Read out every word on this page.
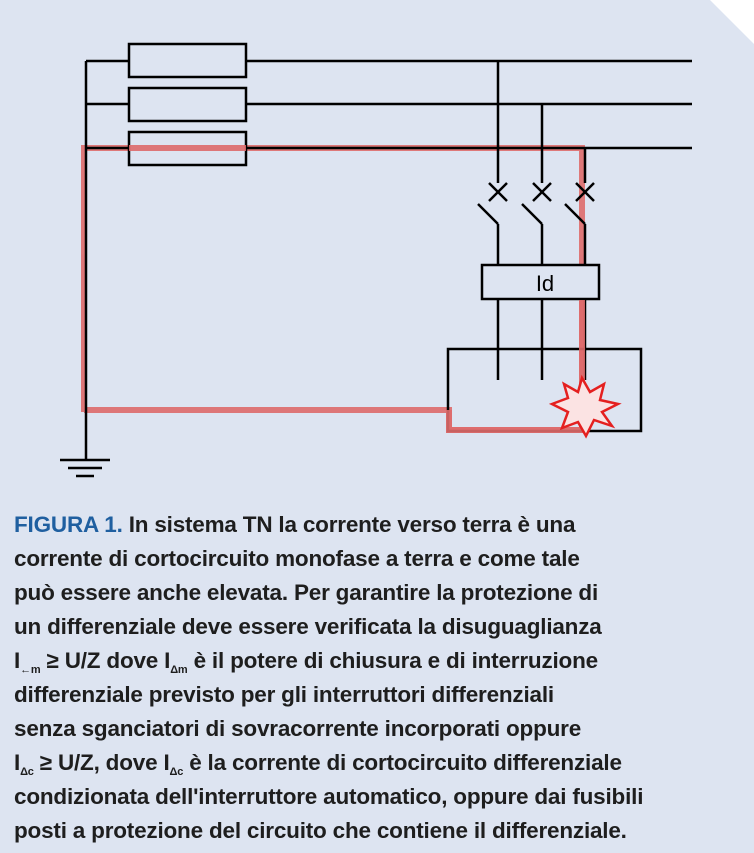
Id
FIGURA 1. In sistema TN la corrente verso terra è una
corrente di cortocircuito monofase a terra e come tale
può essere anche elevata. Per garantire la protezione di
un differenziale deve essere verificata la disuguaglianza
$I_{\leftarrow m} \ge U/Z$ dove $I_{\Delta m}$ è il potere di chiusura e di interruzione
differenziale previsto per gli interruttori differenziali
senza sganciatori di sovracorrente incorporati oppure
$I_{\Delta c} \ge U/Z$, dove $I_{\Delta c}$ è la corrente di cortocircuito differenziale
condizionata dell'interruttore automatico, oppure dai fusibili
posti a protezione del circuito che contiene il differenziale.
